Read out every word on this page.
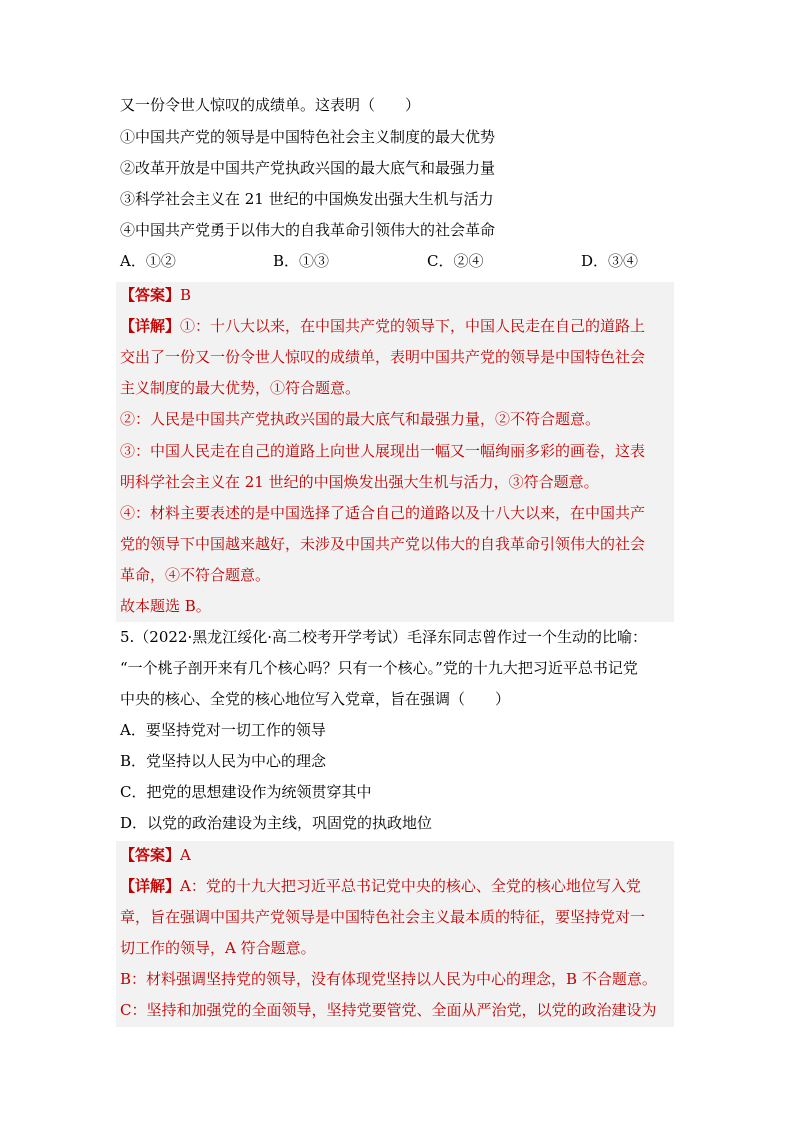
又一份令世人惊叹的成绩单。这表明（　　）
①中国共产党的领导是中国特色社会主义制度的最大优势
②改革开放是中国共产党执政兴国的最大底气和最强力量
③科学社会主义在 21 世纪的中国焕发出强大生机与活力
④中国共产党勇于以伟大的自我革命引领伟大的社会革命
A．①②	B．①③	C．②④	D．③④
【答案】B
【详解】①：十八大以来，在中国共产党的领导下，中国人民走在自己的道路上
交出了一份又一份令世人惊叹的成绩单，表明中国共产党的领导是中国特色社会
主义制度的最大优势，①符合题意。
②：人民是中国共产党执政兴国的最大底气和最强力量，②不符合题意。
③：中国人民走在自己的道路上向世人展现出一幅又一幅绚丽多彩的画卷，这表
明科学社会主义在 21 世纪的中国焕发出强大生机与活力，③符合题意。
④：材料主要表述的是中国选择了适合自己的道路以及十八大以来，在中国共产
党的领导下中国越来越好，未涉及中国共产党以伟大的自我革命引领伟大的社会
革命，④不符合题意。
故本题选 B。
5.（2022·黑龙江绥化·高二校考开学考试）毛泽东同志曾作过一个生动的比喻：
“一个桃子剖开来有几个核心吗？只有一个核心。”党的十九大把习近平总书记党
中央的核心、全党的核心地位写入党章，旨在强调（　　）
A．要坚持党对一切工作的领导
B．党坚持以人民为中心的理念
C．把党的思想建设作为统领贯穿其中
D．以党的政治建设为主线，巩固党的执政地位
【答案】A
【详解】A：党的十九大把习近平总书记党中央的核心、全党的核心地位写入党
章，旨在强调中国共产党领导是中国特色社会主义最本质的特征，要坚持党对一
切工作的领导，A 符合题意。
B：材料强调坚持党的领导，没有体现党坚持以人民为中心的理念，B 不合题意。
C：坚持和加强党的全面领导，坚持党要管党、全面从严治党，以党的政治建设为
